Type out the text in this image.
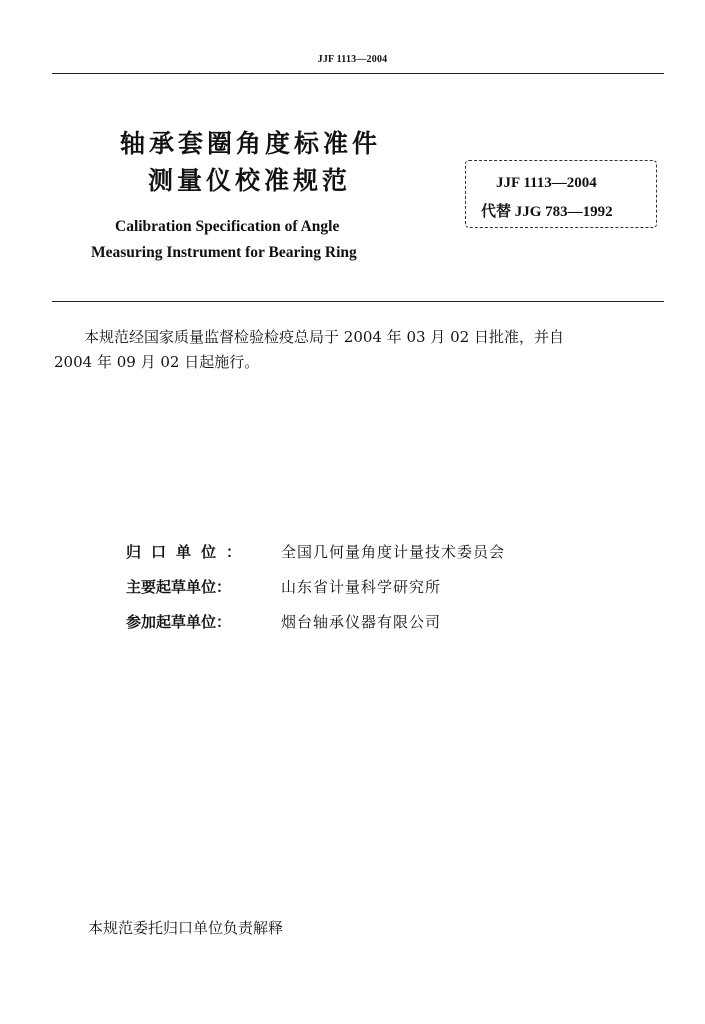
JJF 1113—2004
轴承套圈角度标准件
测量仪校准规范	JJF 1113—2004
代替 JJG 783—1992
Calibration Specification of Angle
Measuring Instrument for Bearing Ring
本规范经国家质量监督检验检疫总局于 2004 年 03 月 02 日批准，并自
2004 年 09 月 02 日起施行。
归口单位： 全国几何量角度计量技术委员会
主要起草单位：	山东省计量科学研究所
参加起草单位：	烟台轴承仪器有限公司
本规范委托归口单位负责解释
